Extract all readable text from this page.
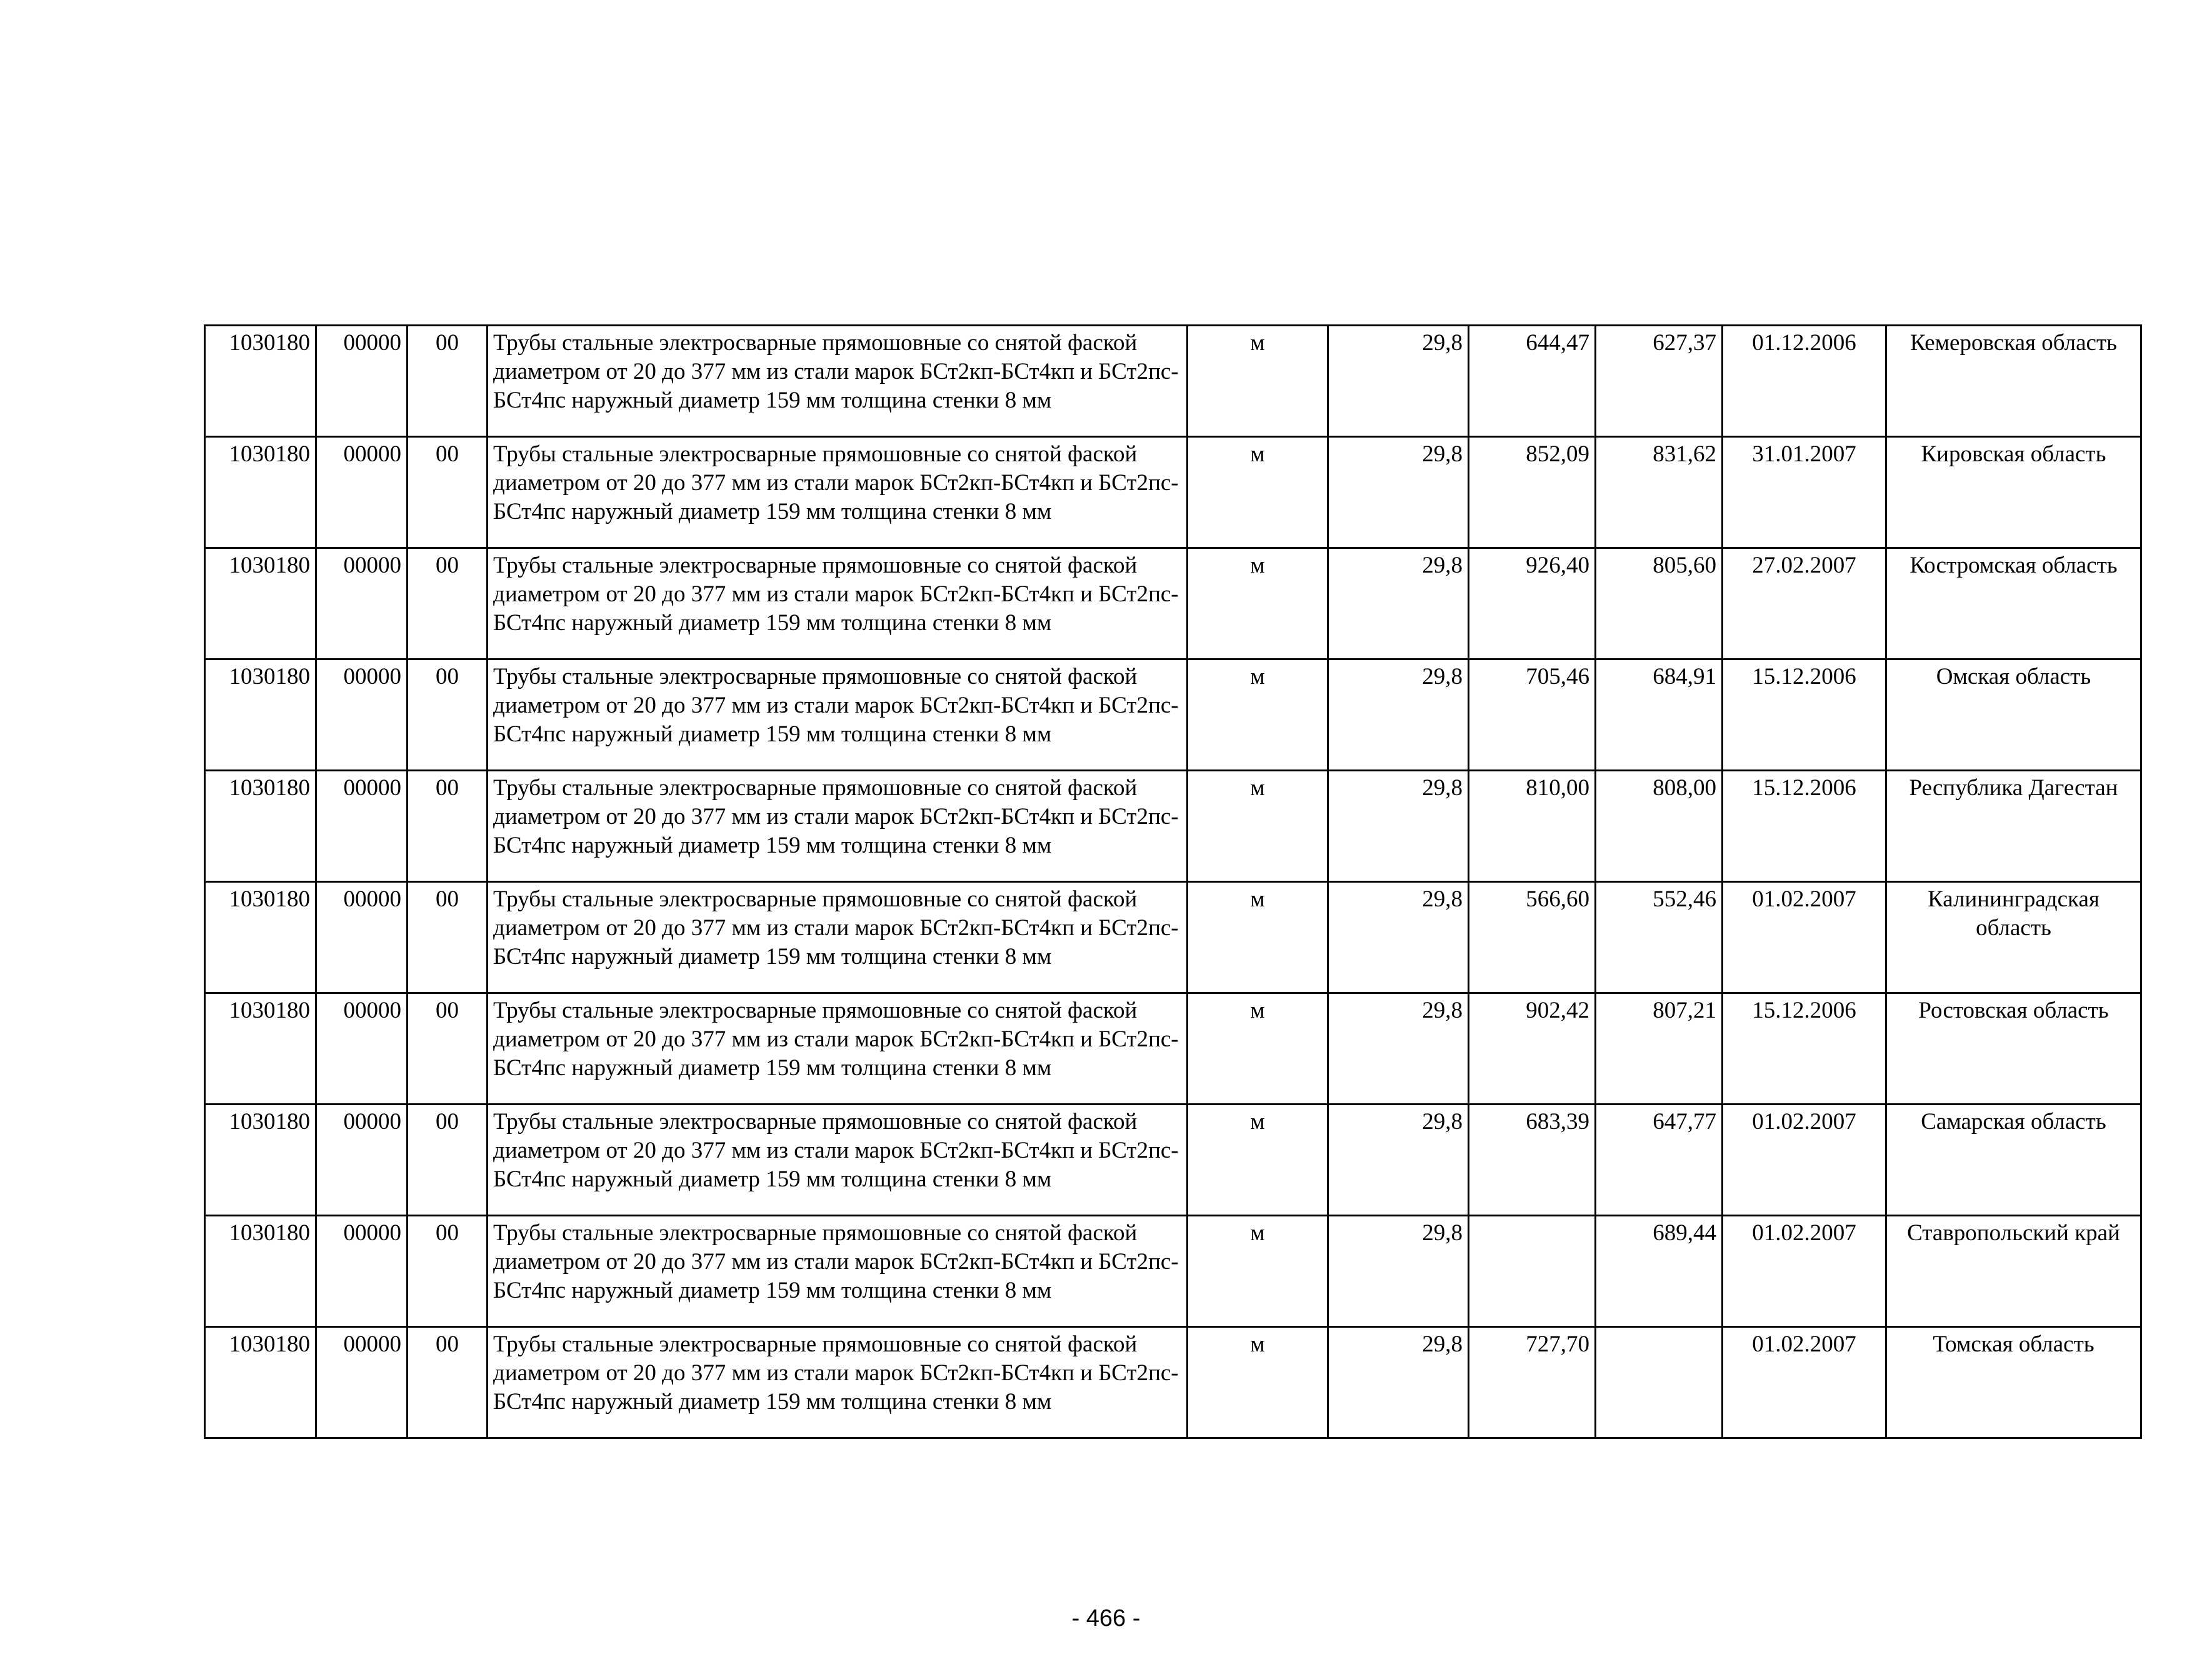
1030180	00000	00	Трубы стальные электросварные прямошовные со снятой фаской диаметром от 20 до 377 мм из стали марок БСт2кп-БСт4кп и БСт2пс-БСт4пс наружный диаметр 159 мм толщина стенки 8 мм	м	29,8	644,47	627,37	01.12.2006	Кемеровская область
1030180	00000	00	Трубы стальные электросварные прямошовные со снятой фаской диаметром от 20 до 377 мм из стали марок БСт2кп-БСт4кп и БСт2пс-БСт4пс наружный диаметр 159 мм толщина стенки 8 мм	м	29,8	852,09	831,62	31.01.2007	Кировская область
1030180	00000	00	Трубы стальные электросварные прямошовные со снятой фаской диаметром от 20 до 377 мм из стали марок БСт2кп-БСт4кп и БСт2пс-БСт4пс наружный диаметр 159 мм толщина стенки 8 мм	м	29,8	926,40	805,60	27.02.2007	Костромская область
1030180	00000	00	Трубы стальные электросварные прямошовные со снятой фаской диаметром от 20 до 377 мм из стали марок БСт2кп-БСт4кп и БСт2пс-БСт4пс наружный диаметр 159 мм толщина стенки 8 мм	м	29,8	705,46	684,91	15.12.2006	Омская область
1030180	00000	00	Трубы стальные электросварные прямошовные со снятой фаской диаметром от 20 до 377 мм из стали марок БСт2кп-БСт4кп и БСт2пс-БСт4пс наружный диаметр 159 мм толщина стенки 8 мм	м	29,8	810,00	808,00	15.12.2006	Республика Дагестан
1030180	00000	00	Трубы стальные электросварные прямошовные со снятой фаской диаметром от 20 до 377 мм из стали марок БСт2кп-БСт4кп и БСт2пс-БСт4пс наружный диаметр 159 мм толщина стенки 8 мм	м	29,8	566,60	552,46	01.02.2007	Калининградская область
1030180	00000	00	Трубы стальные электросварные прямошовные со снятой фаской диаметром от 20 до 377 мм из стали марок БСт2кп-БСт4кп и БСт2пс-БСт4пс наружный диаметр 159 мм толщина стенки 8 мм	м	29,8	902,42	807,21	15.12.2006	Ростовская область
1030180	00000	00	Трубы стальные электросварные прямошовные со снятой фаской диаметром от 20 до 377 мм из стали марок БСт2кп-БСт4кп и БСт2пс-БСт4пс наружный диаметр 159 мм толщина стенки 8 мм	м	29,8	683,39	647,77	01.02.2007	Самарская область
1030180	00000	00	Трубы стальные электросварные прямошовные со снятой фаской диаметром от 20 до 377 мм из стали марок БСт2кп-БСт4кп и БСт2пс-БСт4пс наружный диаметр 159 мм толщина стенки 8 мм	м	29,8		689,44	01.02.2007	Ставропольский край
1030180	00000	00	Трубы стальные электросварные прямошовные со снятой фаской диаметром от 20 до 377 мм из стали марок БСт2кп-БСт4кп и БСт2пс-БСт4пс наружный диаметр 159 мм толщина стенки 8 мм	м	29,8	727,70		01.02.2007	Томская область
- 466 -
